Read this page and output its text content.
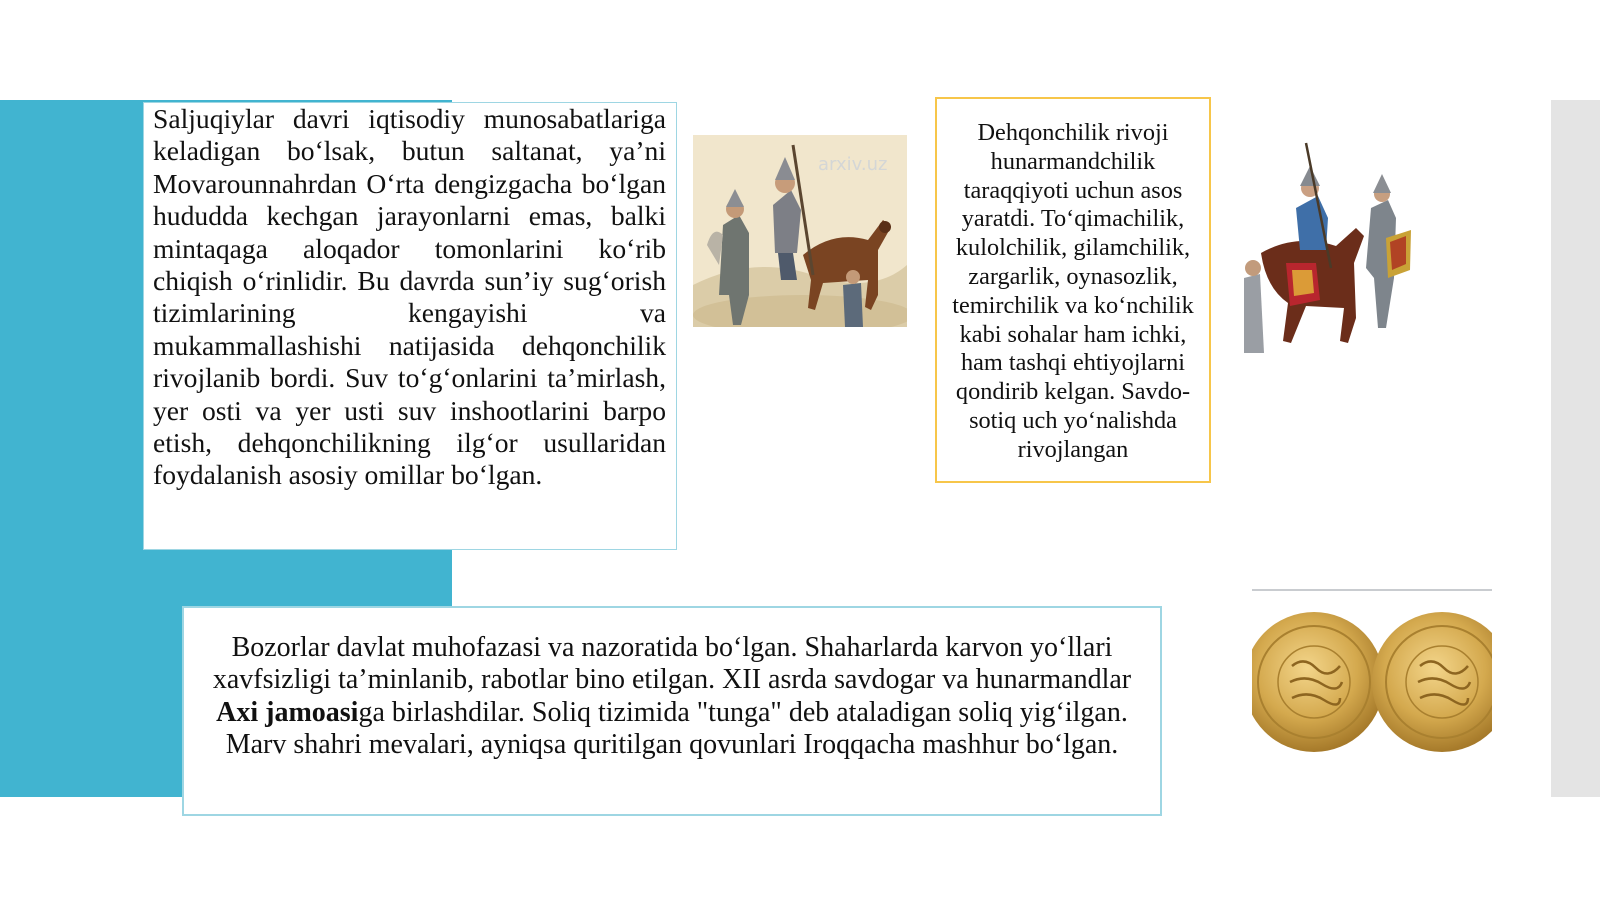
Saljuqiylar davri iqtisodiy munosabatlariga keladigan bo‘lsak, butun saltanat, ya’ni Movarounnahrdan O‘rta dengizgacha bo‘lgan hududda kechgan jarayonlarni emas, balki mintaqaga aloqador tomonlarini ko‘rib chiqish o‘rinlidir. Bu davrda sun’iy sug‘orish tizimlarining kengayishi va mukammallashishi natijasida dehqonchilik rivojlanib bordi. Suv to‘g‘onlarini ta’mirlash, yer osti va yer usti suv inshootlarini barpo etish, dehqonchilikning ilg‘or usullaridan foydalanish asosiy omillar bo‘lgan.

arxiv.uz

Dehqonchilik rivoji hunarmandchilik taraqqiyoti uchun asos yaratdi. To‘qimachilik, kulolchilik, gilamchilik, zargarlik, oynasozlik, temirchilik va ko‘nchilik kabi sohalar ham ichki, ham tashqi ehtiyojlarni qondirib kelgan. Savdo-sotiq uch yo‘nalishda rivojlangan

Bozorlar davlat muhofazasi va nazoratida bo‘lgan. Shaharlarda karvon yo‘llari xavfsizligi ta’minlanib, rabotlar bino etilgan. XII asrda savdogar va hunarmandlar Axi jamoasiga birlashdilar. Soliq tizimida "tunga" deb ataladigan soliq yig‘ilgan. Marv shahri mevalari, ayniqsa quritilgan qovunlari Iroqqacha mashhur bo‘lgan.
